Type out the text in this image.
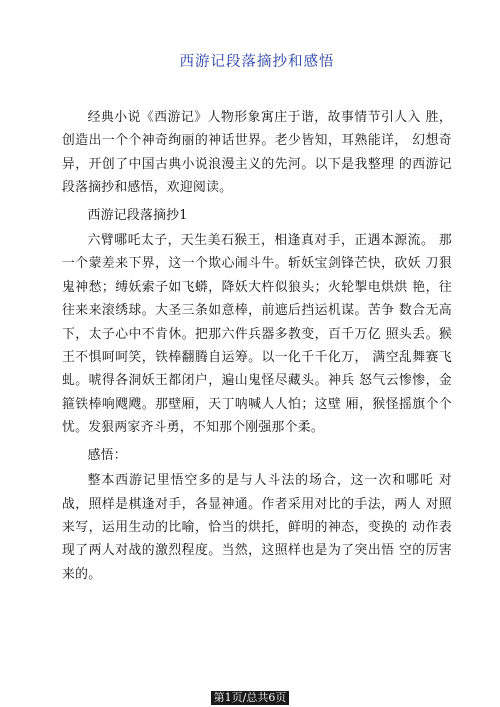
西游记段落摘抄和感悟

经典小说《西游记》人物形象寓庄于谐，故事情节引人入 胜，创造出一个个神奇绚丽的神话世界。老少皆知，耳熟能详， 幻想奇异，开创了中国古典小说浪漫主义的先河。以下是我整理 的西游记段落摘抄和感悟，欢迎阅读。

西游记段落摘抄1

六臂哪吒太子，天生美石猴王，相逢真对手，正遇本源流。 那一个蒙差来下界，这一个欺心闹斗牛。斩妖宝剑锋芒快，砍妖 刀狠鬼神愁；缚妖索子如飞蟒，降妖大杵似狼头；火轮掣电烘烘 艳，往往来来滚绣球。大圣三条如意棒，前遮后挡运机谋。苦争 数合无高下，太子心中不肯休。把那六件兵器多教变，百千万亿 照头丢。猴王不惧呵呵笑，铁棒翻腾自运筹。以一化千千化万， 满空乱舞赛飞虬。唬得各洞妖王都闭户，遍山鬼怪尽藏头。神兵 怒气云惨惨，金箍铁棒响飕飕。那壁厢，天丁呐喊人人怕；这壁 厢，猴怪摇旗个个忧。发狠两家齐斗勇，不知那个刚强那个柔。

感悟：

整本西游记里悟空多的是与人斗法的场合，这一次和哪吒 对战，照样是棋逢对手，各显神通。作者采用对比的手法，两人 对照来写，运用生动的比喻，恰当的烘托，鲜明的神态，变换的 动作表现了两人对战的激烈程度。当然，这照样也是为了突出悟 空的厉害来的。

第1页/总共6页
